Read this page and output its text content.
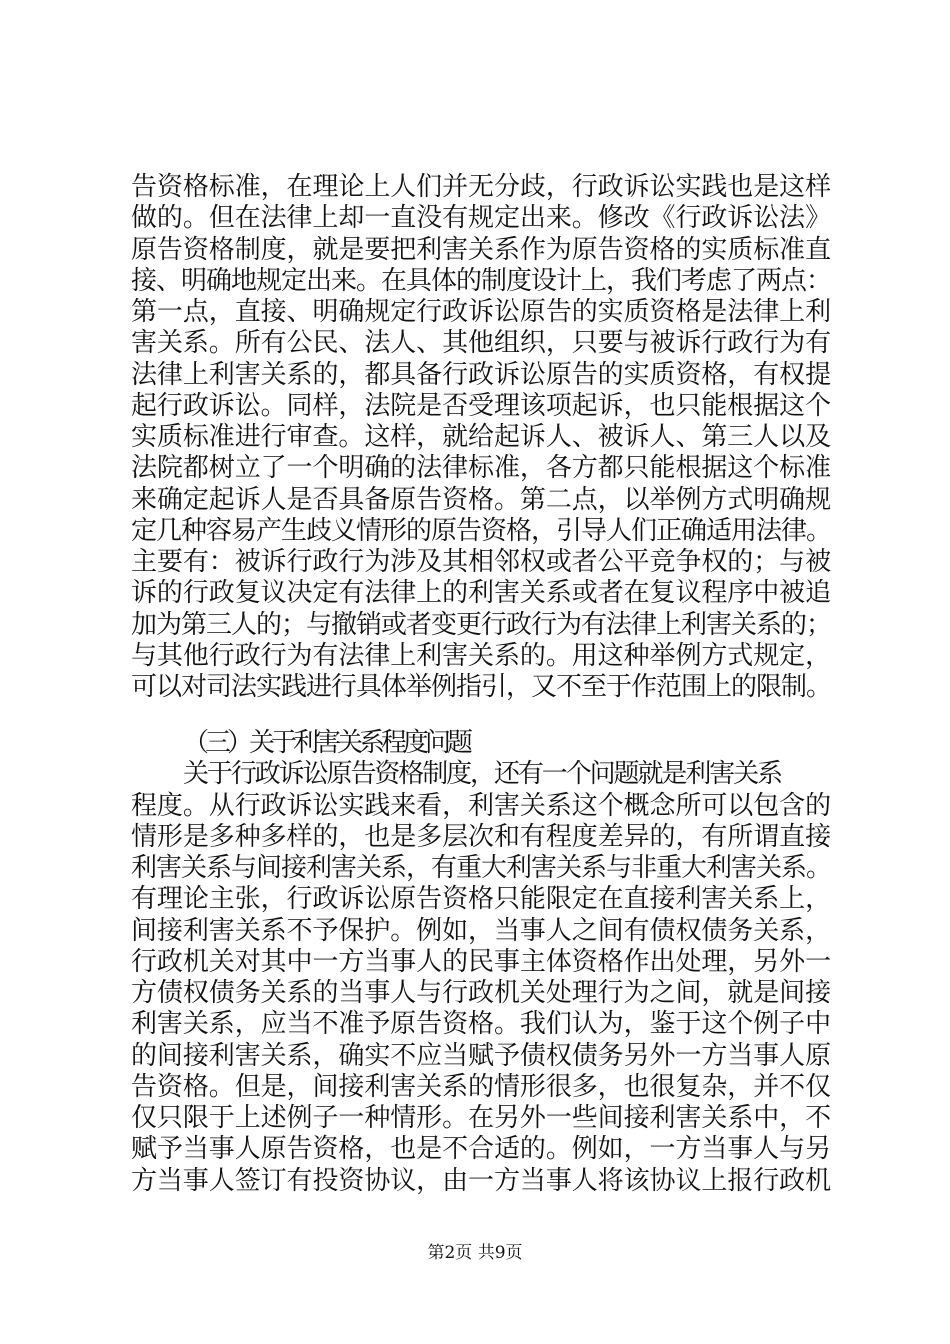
告资格标准，在理论上人们并无分歧，行政诉讼实践也是这样
做的。但在法律上却一直没有规定出来。修改《行政诉讼法》
原告资格制度，就是要把利害关系作为原告资格的实质标准直
接、明确地规定出来。在具体的制度设计上，我们考虑了两点：
第一点，直接、明确规定行政诉讼原告的实质资格是法律上利
害关系。所有公民、法人、其他组织，只要与被诉行政行为有
法律上利害关系的，都具备行政诉讼原告的实质资格，有权提
起行政诉讼。同样，法院是否受理该项起诉，也只能根据这个
实质标准进行审查。这样，就给起诉人、被诉人、第三人以及
法院都树立了一个明确的法律标准，各方都只能根据这个标准
来确定起诉人是否具备原告资格。第二点，以举例方式明确规
定几种容易产生歧义情形的原告资格，引导人们正确适用法律。
主要有：被诉行政行为涉及其相邻权或者公平竞争权的；与被
诉的行政复议决定有法律上的利害关系或者在复议程序中被追
加为第三人的；与撤销或者变更行政行为有法律上利害关系的；
与其他行政行为有法律上利害关系的。用这种举例方式规定，
可以对司法实践进行具体举例指引，又不至于作范围上的限制。
（三）关于利害关系程度问题
关于行政诉讼原告资格制度，还有一个问题就是利害关系
程度。从行政诉讼实践来看，利害关系这个概念所可以包含的
情形是多种多样的，也是多层次和有程度差异的，有所谓直接
利害关系与间接利害关系，有重大利害关系与非重大利害关系。
有理论主张，行政诉讼原告资格只能限定在直接利害关系上，
间接利害关系不予保护。例如，当事人之间有债权债务关系，
行政机关对其中一方当事人的民事主体资格作出处理，另外一
方债权债务关系的当事人与行政机关处理行为之间，就是间接
利害关系，应当不准予原告资格。我们认为，鉴于这个例子中
的间接利害关系，确实不应当赋予债权债务另外一方当事人原
告资格。但是，间接利害关系的情形很多，也很复杂，并不仅
仅只限于上述例子一种情形。在另外一些间接利害关系中，不
赋予当事人原告资格，也是不合适的。例如，一方当事人与另
方当事人签订有投资协议，由一方当事人将该协议上报行政机
第2页 共9页
